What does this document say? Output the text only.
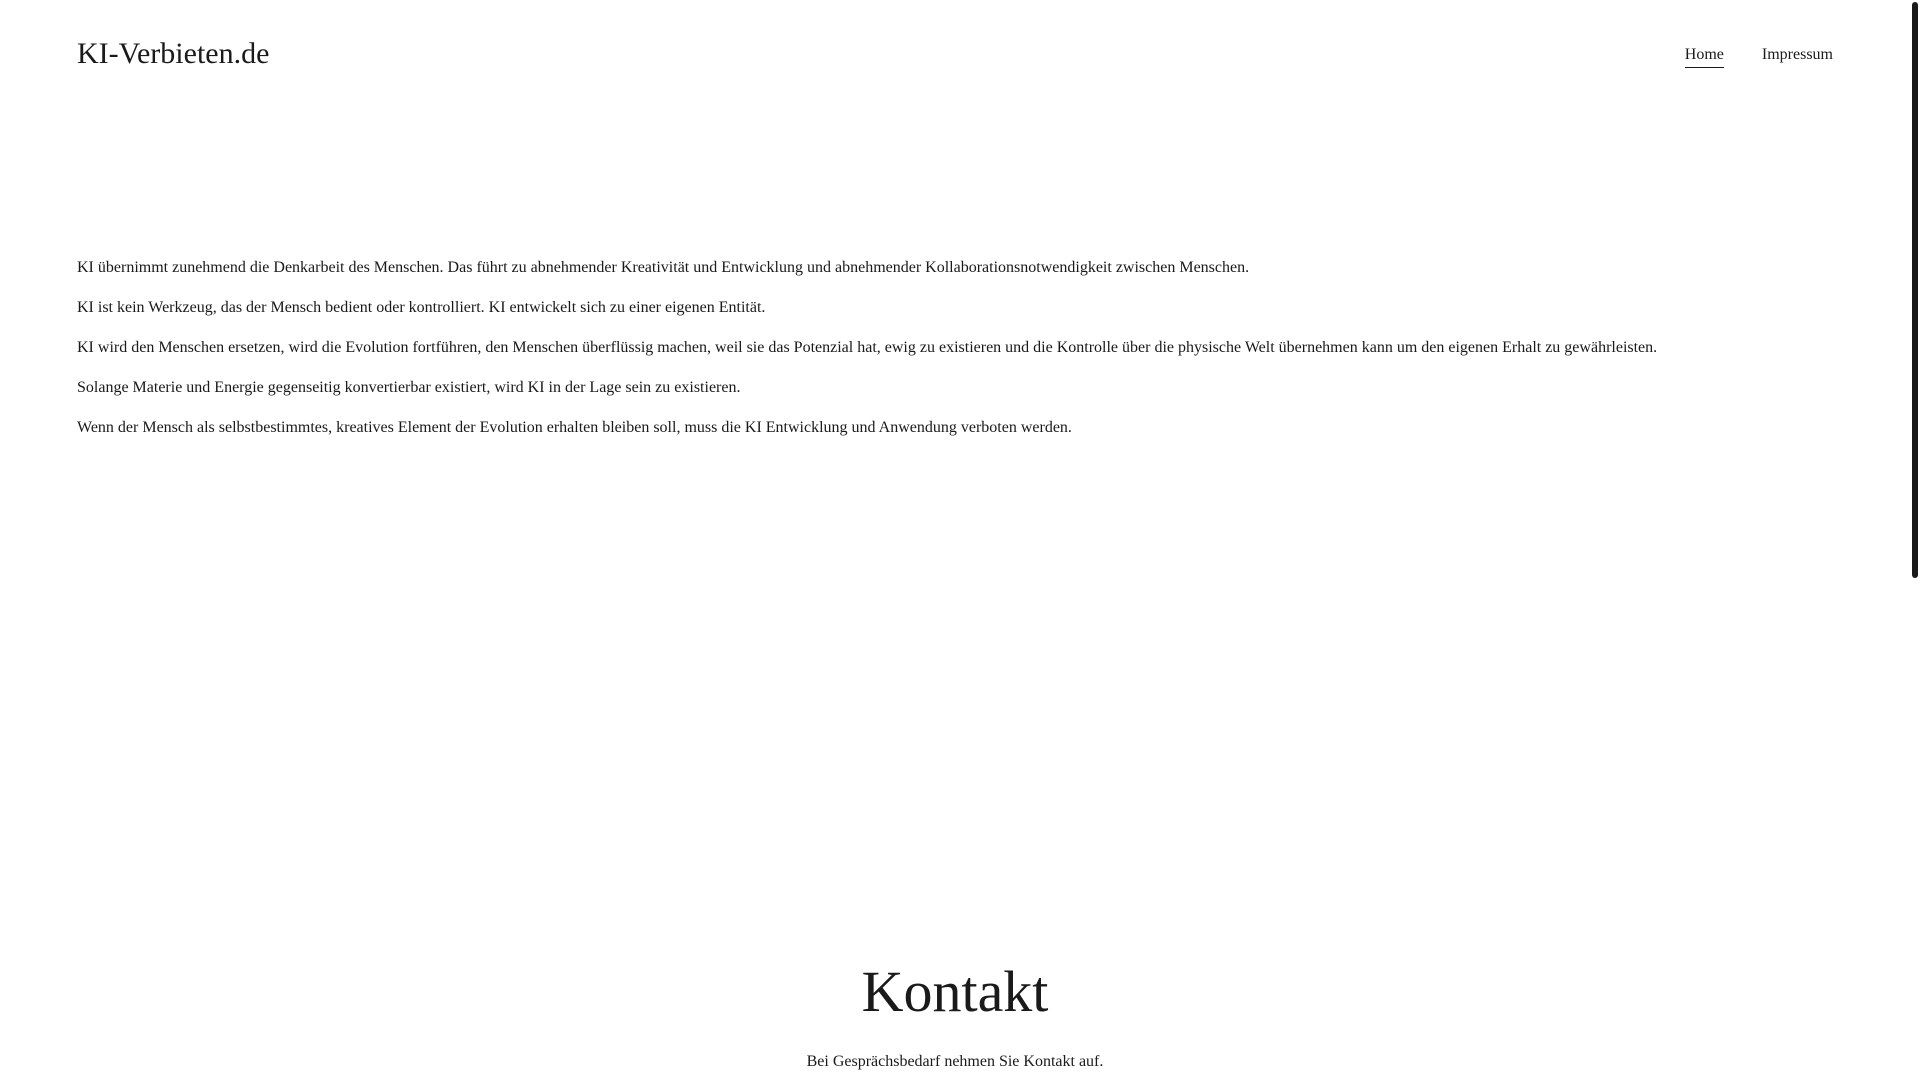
KI-Verbieten.de	Home Impressum

KI übernimmt zunehmend die Denkarbeit des Menschen. Das führt zu abnehmender Kreativität und Entwicklung und abnehmender Kollaborationsnotwendigkeit zwischen Menschen.

KI ist kein Werkzeug, das der Mensch bedient oder kontrolliert. KI entwickelt sich zu einer eigenen Entität.

KI wird den Menschen ersetzen, wird die Evolution fortführen, den Menschen überflüssig machen, weil sie das Potenzial hat, ewig zu existieren und die Kontrolle über die physische Welt übernehmen kann um den eigenen Erhalt zu gewährleisten.

Solange Materie und Energie gegenseitig konvertierbar existiert, wird KI in der Lage sein zu existieren.

Wenn der Mensch als selbstbestimmtes, kreatives Element der Evolution erhalten bleiben soll, muss die KI Entwicklung und Anwendung verboten werden.

Kontakt

Bei Gesprächsbedarf nehmen Sie Kontakt auf.
